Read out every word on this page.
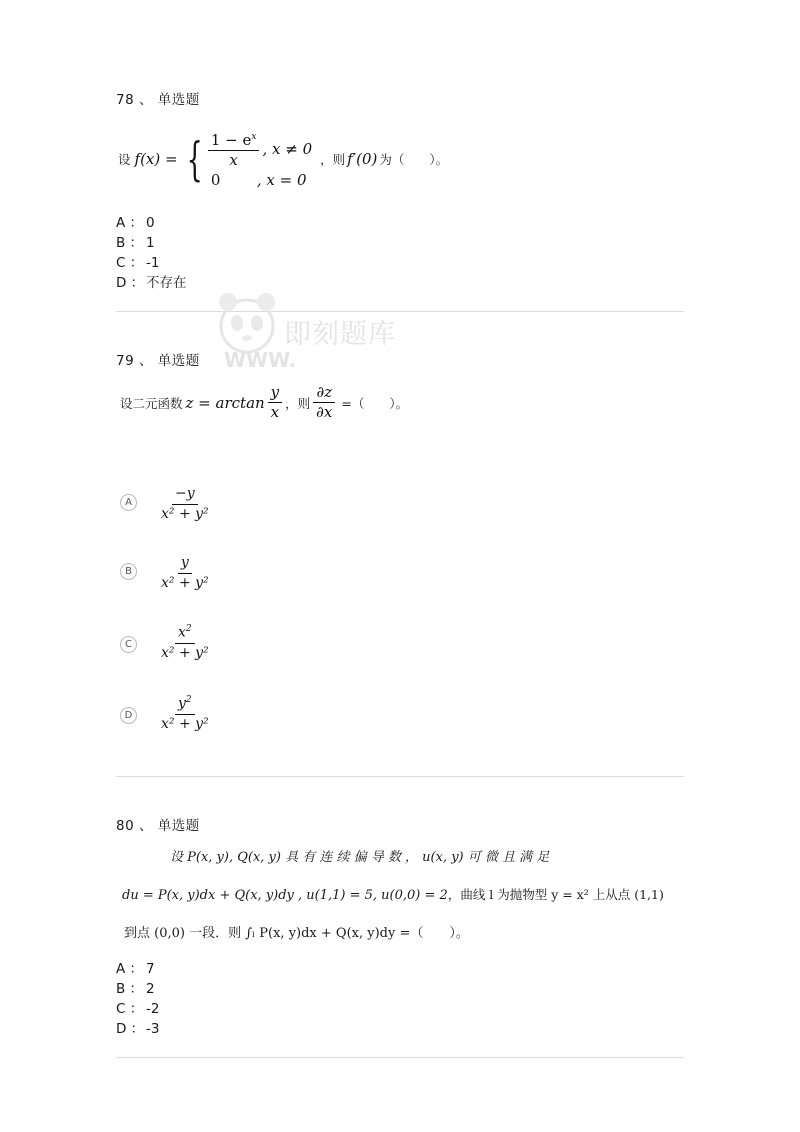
78 、 单选题
设 f(x) = { $\frac{1 - e^x}{x}$ , x ≠ 0
0	, x = 0
，则 f′(0) 为（　　）。
A ： 0
B ： 1
C ： -1
D ： 不存在
即刻题库
WWW.
79 、 单选题
设二元函数 $z = \arctan \frac{y}{x}$ ，则 $\frac{\partial z}{\partial x}$ =（　　）。
A	$\frac{-y}{\text{x² + y²}}$
B	$\frac{y}{\text{x² + y²}}$
C	$\frac{x^2}{\text{x² + y²}}$
D	$\frac{y^2}{\text{x² + y²}}$
80 、 单选题
设 P(x, y), Q(x, y) 具 有 连 续 偏 导 数 ， u(x, y) 可 微 且 满 足
du = P(x, y)dx + Q(x, y)dy , u(1,1) = 5, u(0,0) = 2，曲线 l 为抛物型 y = x² 上从点 (1,1)
到点 (0,0) 一段．则 ∫ₗ P(x, y)dx + Q(x, y)dy =（　　）。
A ： 7
B ： 2
C ： -2
D ： -3
